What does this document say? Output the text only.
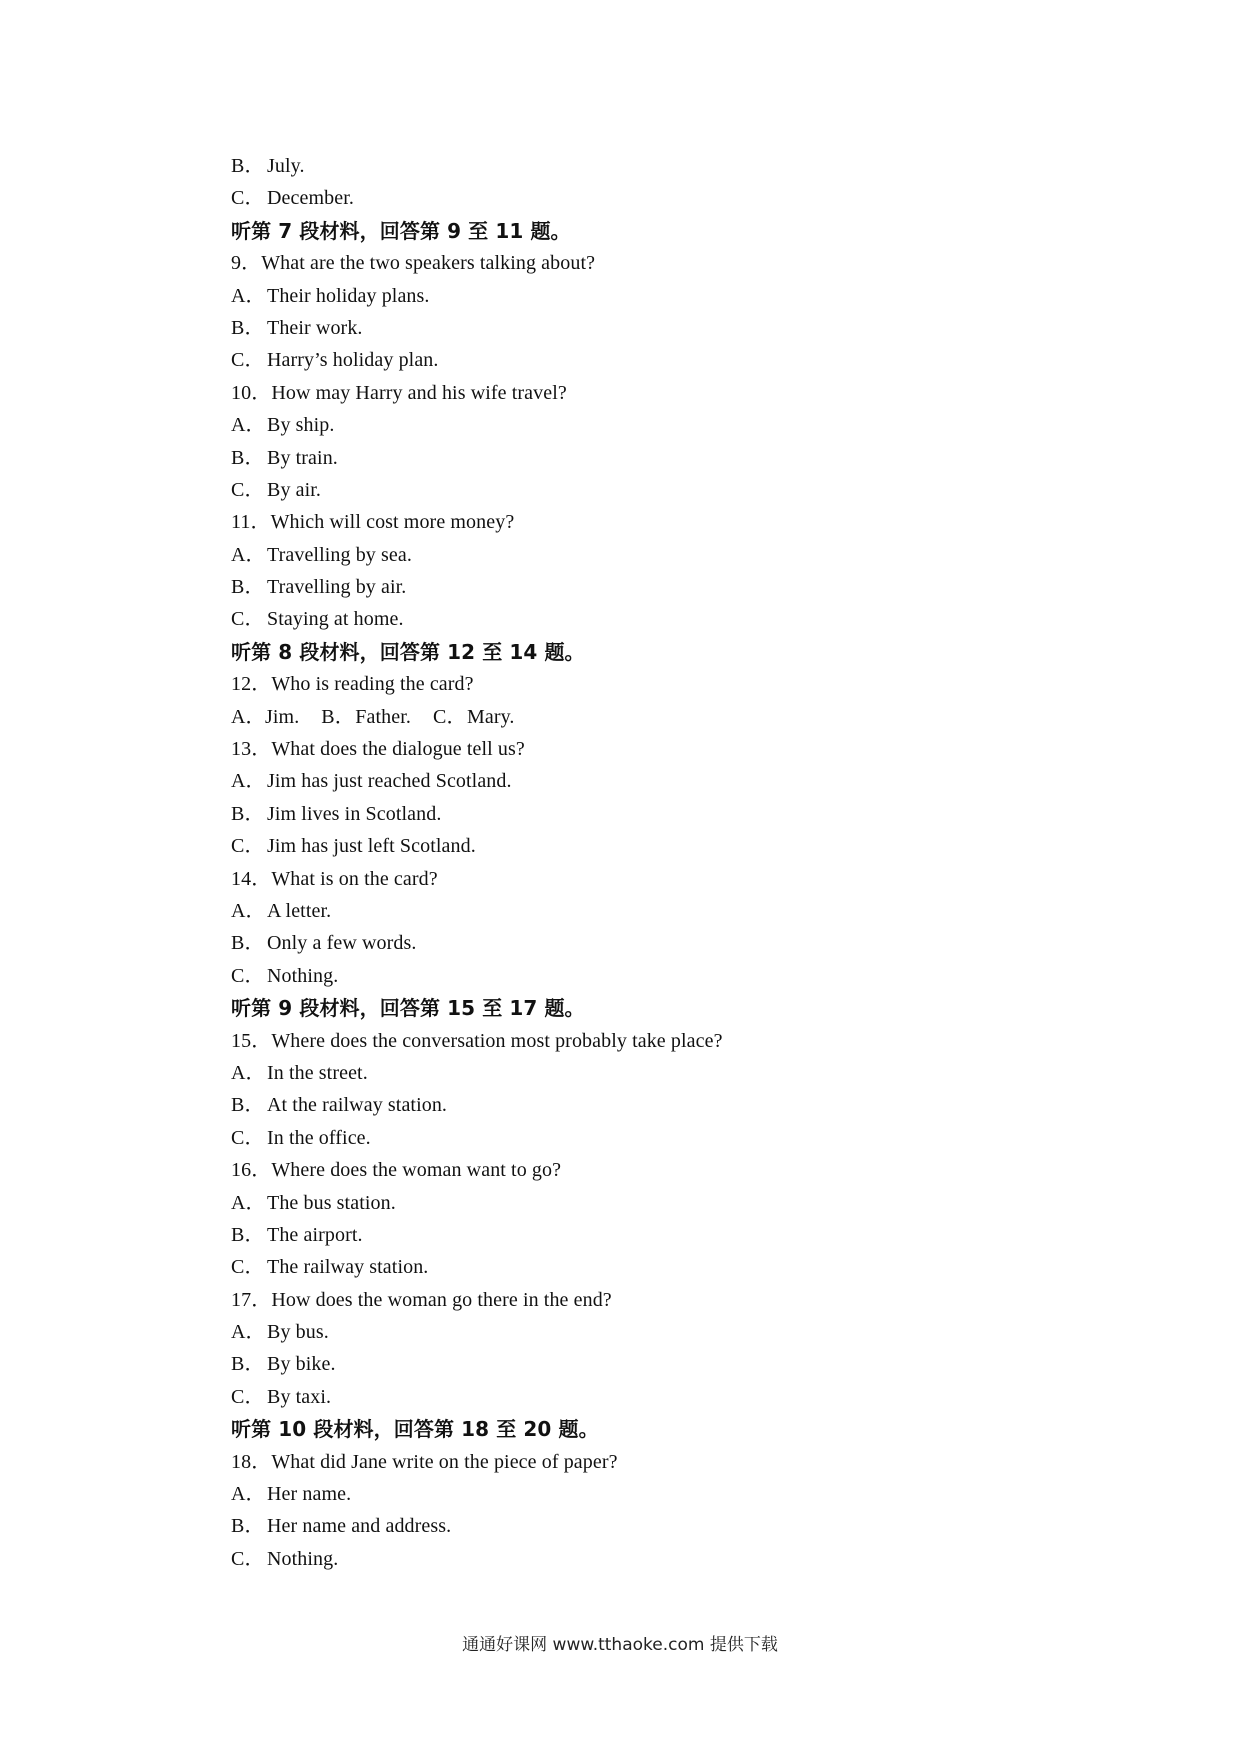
B． July.
C． December.
听第 7 段材料，回答第 9 至 11 题。
9．What are the two speakers talking about?
A．Their holiday plans.
B． Their work.
C． Harry’s holiday plan.
10．How may Harry and his wife travel?
A．By ship.
B． By train.
C． By air.
11．Which will cost more money?
A．Travelling by sea.
B． Travelling by air.
C． Staying at home.
听第 8 段材料，回答第 12 至 14 题。
12．Who is reading the card?
A．Jim. B．Father. C．Mary.
13．What does the dialogue tell us?
A．Jim has just reached Scotland.
B． Jim lives in Scotland.
C． Jim has just left Scotland.
14．What is on the card?
A．A letter.
B． Only a few words.
C． Nothing.
听第 9 段材料，回答第 15 至 17 题。
15．Where does the conversation most probably take place?
A．In the street.
B． At the railway station.
C． In the office.
16．Where does the woman want to go?
A．The bus station.
B． The airport.
C． The railway station.
17．How does the woman go there in the end?
A．By bus.
B． By bike.
C． By taxi.
听第 10 段材料，回答第 18 至 20 题。
18．What did Jane write on the piece of paper?
A．Her name.
B． Her name and address.
C． Nothing.
通通好课网 www.tthaoke.com 提供下载
